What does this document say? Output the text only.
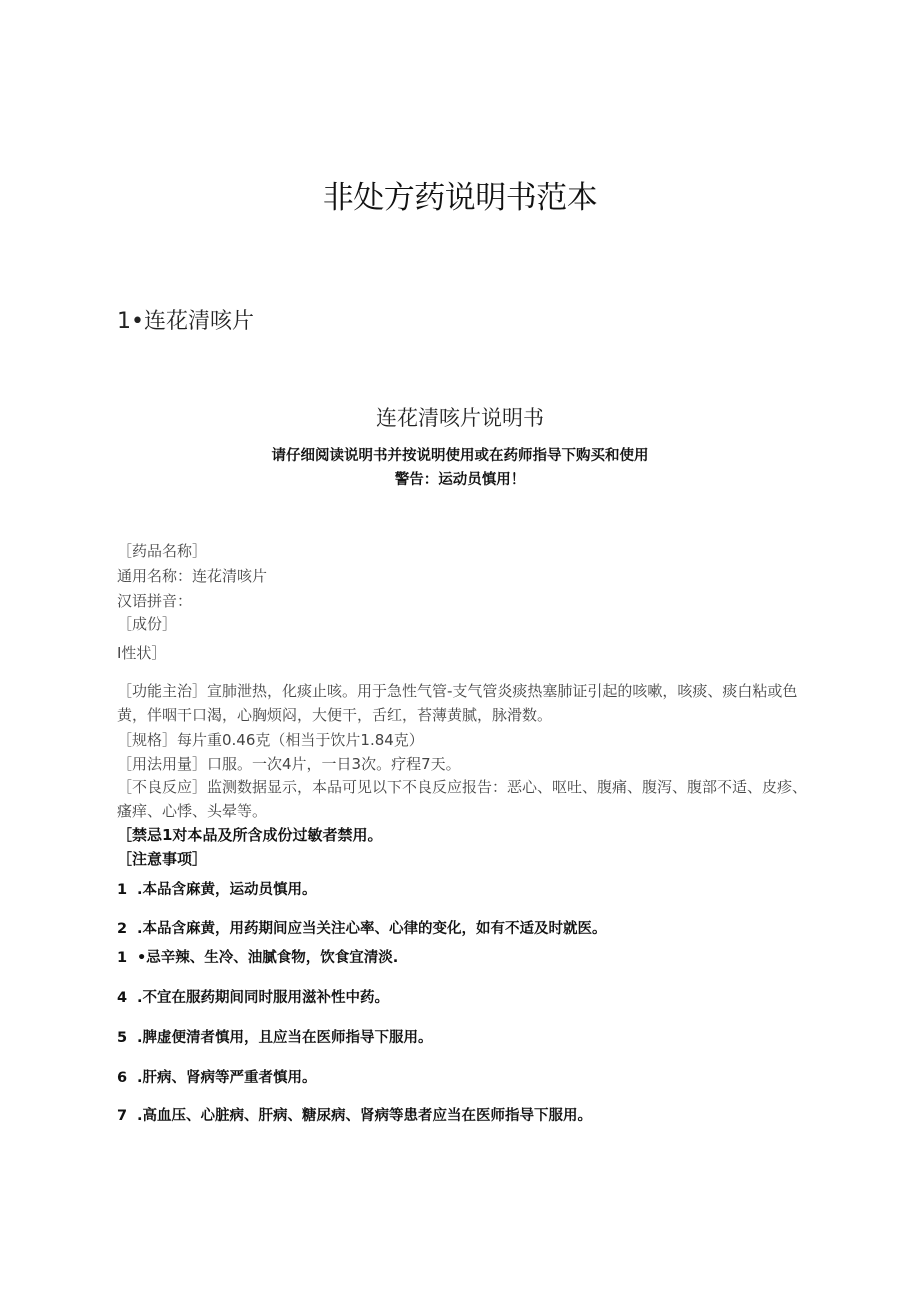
非处方药说明书范本
1•连花清咳片
连花清咳片说明书
请仔细阅读说明书并按说明使用或在药师指导下购买和使用
警告：运动员慎用！
［药品名称］
通用名称：连花清咳片
汉语拼音：
［成份］
I性状］
［功能主治］宣肺泄热，化痰止咳。用于急性气管-支气管炎痰热塞肺证引起的咳嗽，咳痰、痰白粘或色黄，伴咽干口渴，心胸烦闷，大便干，舌红，苔薄黄腻，脉滑数。
［规格］每片重0.46克（相当于饮片1.84克）
［用法用量］口服。一次4片，一日3次。疗程7天。
［不良反应］监测数据显示，本品可见以下不良反应报告：恶心、呕吐、腹痛、腹泻、腹部不适、皮疹、瘙痒、心悸、头晕等。
［禁忌1对本品及所含成份过敏者禁用。
［注意事项］
1 .本品含麻黄，运动员慎用。
2 .本品含麻黄，用药期间应当关注心率、心律的变化，如有不适及时就医。
1 •忌辛辣、生冷、油腻食物，饮食宜清淡.
4 .不宜在服药期间同时服用滋补性中药。
5 .脾虚便清者慎用，且应当在医师指导下服用。
6 .肝病、肾病等严重者慎用。
7 .高血压、心脏病、肝病、糖尿病、肾病等患者应当在医师指导下服用。
